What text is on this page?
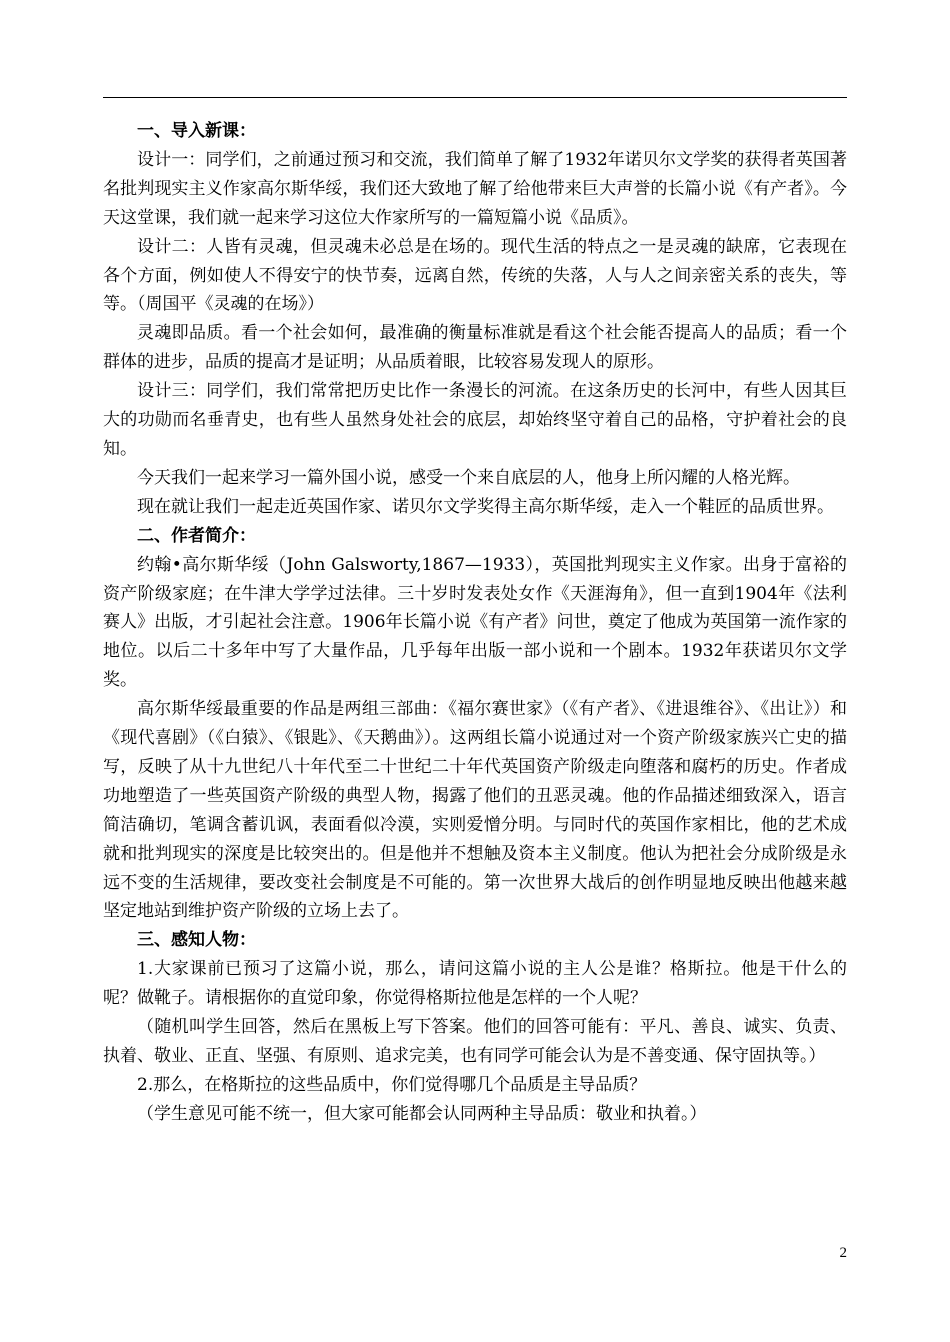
一、导入新课：

设计一：同学们，之前通过预习和交流，我们简单了解了1932年诺贝尔文学奖的获得者英国著名批判现实主义作家高尔斯华绥，我们还大致地了解了给他带来巨大声誉的长篇小说《有产者》。今天这堂课，我们就一起来学习这位大作家所写的一篇短篇小说《品质》。

设计二：人皆有灵魂，但灵魂未必总是在场的。现代生活的特点之一是灵魂的缺席，它表现在各个方面，例如使人不得安宁的快节奏，远离自然，传统的失落，人与人之间亲密关系的丧失，等等。（周国平《灵魂的在场》）

灵魂即品质。看一个社会如何，最准确的衡量标准就是看这个社会能否提高人的品质；看一个群体的进步，品质的提高才是证明；从品质着眼，比较容易发现人的原形。

设计三：同学们，我们常常把历史比作一条漫长的河流。在这条历史的长河中，有些人因其巨大的功勋而名垂青史，也有些人虽然身处社会的底层，却始终坚守着自己的品格，守护着社会的良知。

今天我们一起来学习一篇外国小说，感受一个来自底层的人，他身上所闪耀的人格光辉。

现在就让我们一起走近英国作家、诺贝尔文学奖得主高尔斯华绥，走入一个鞋匠的品质世界。

二、作者简介：

约翰•高尔斯华绥（John Galsworty,1867—1933），英国批判现实主义作家。出身于富裕的资产阶级家庭；在牛津大学学过法律。三十岁时发表处女作《天涯海角》，但一直到1904年《法利赛人》出版，才引起社会注意。1906年长篇小说《有产者》问世，奠定了他成为英国第一流作家的地位。以后二十多年中写了大量作品，几乎每年出版一部小说和一个剧本。1932年获诺贝尔文学奖。

高尔斯华绥最重要的作品是两组三部曲：《福尔赛世家》（《有产者》、《进退维谷》、《出让》）和《现代喜剧》（《白猿》、《银匙》、《天鹅曲》）。这两组长篇小说通过对一个资产阶级家族兴亡史的描写，反映了从十九世纪八十年代至二十世纪二十年代英国资产阶级走向堕落和腐朽的历史。作者成功地塑造了一些英国资产阶级的典型人物，揭露了他们的丑恶灵魂。他的作品描述细致深入，语言简洁确切，笔调含蓄讥讽，表面看似冷漠，实则爱憎分明。与同时代的英国作家相比，他的艺术成就和批判现实的深度是比较突出的。但是他并不想触及资本主义制度。他认为把社会分成阶级是永远不变的生活规律，要改变社会制度是不可能的。第一次世界大战后的创作明显地反映出他越来越坚定地站到维护资产阶级的立场上去了。

三、感知人物：

1.大家课前已预习了这篇小说，那么，请问这篇小说的主人公是谁？格斯拉。他是干什么的呢？做靴子。请根据你的直觉印象，你觉得格斯拉他是怎样的一个人呢？

（随机叫学生回答，然后在黑板上写下答案。他们的回答可能有：平凡、善良、诚实、负责、执着、敬业、正直、坚强、有原则、追求完美，也有同学可能会认为是不善变通、保守固执等。）

2.那么，在格斯拉的这些品质中，你们觉得哪几个品质是主导品质？

（学生意见可能不统一，但大家可能都会认同两种主导品质：敬业和执着。）

2
